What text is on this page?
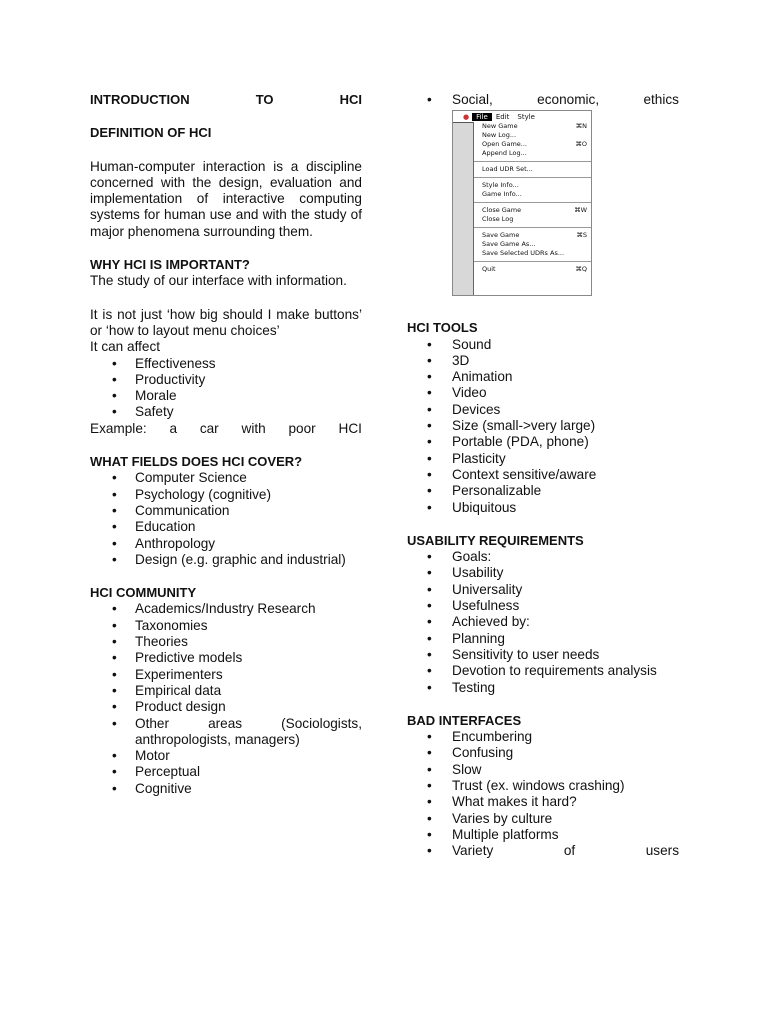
INTRODUCTION	TO	HCI
DEFINITION OF HCI

Human-computer interaction is a discipline concerned with the design, evaluation and implementation of interactive computing systems for human use and with the study of major phenomena surrounding them.

WHY HCI IS IMPORTANT?
The study of our interface with information.

It is not just ‘how big should I make buttons’ or ‘how to layout menu choices’

It can affect
• Effectiveness
• Productivity
• Morale
• Safety
Example: a car with poor HCI
WHAT FIELDS DOES HCI COVER?
• Computer Science
• Psychology (cognitive)
• Communication
• Education
• Anthropology
• Design (e.g. graphic and industrial)
HCI COMMUNITY
• Academics/Industry Research
• Taxonomies
• Theories
• Predictive models
• Experimenters
• Empirical data
• Product design
• Other	areas	(Sociologists,
anthropologists, managers)
• Motor
• Perceptual
• Cognitive
• Social,	economic,	ethics
HCI TOOLS
• Sound
• 3D
• Animation
• Video
• Devices
• Size (small->very large)
• Portable (PDA, phone)
• Plasticity
• Context sensitive/aware
• Personalizable
• Ubiquitous
USABILITY REQUIREMENTS
• Goals:
• Usability
• Universality
• Usefulness
• Achieved by:
• Planning
• Sensitivity to user needs
• Devotion to requirements analysis
• Testing
BAD INTERFACES
• Encumbering
• Confusing
• Slow
• Trust (ex. windows crashing)
• What makes it hard?
• Varies by culture
• Multiple platforms
• Variety	of	users
●	File	Edit	Style
New Game	⌘N
New Log...
Open Game...	⌘O
Append Log...
Load UDR Set...
Style Info...
Game Info...
Close Game	⌘W
Close Log
Save Game	⌘S
Save Game As...
Save Selected UDRs As...
Quit	⌘Q
